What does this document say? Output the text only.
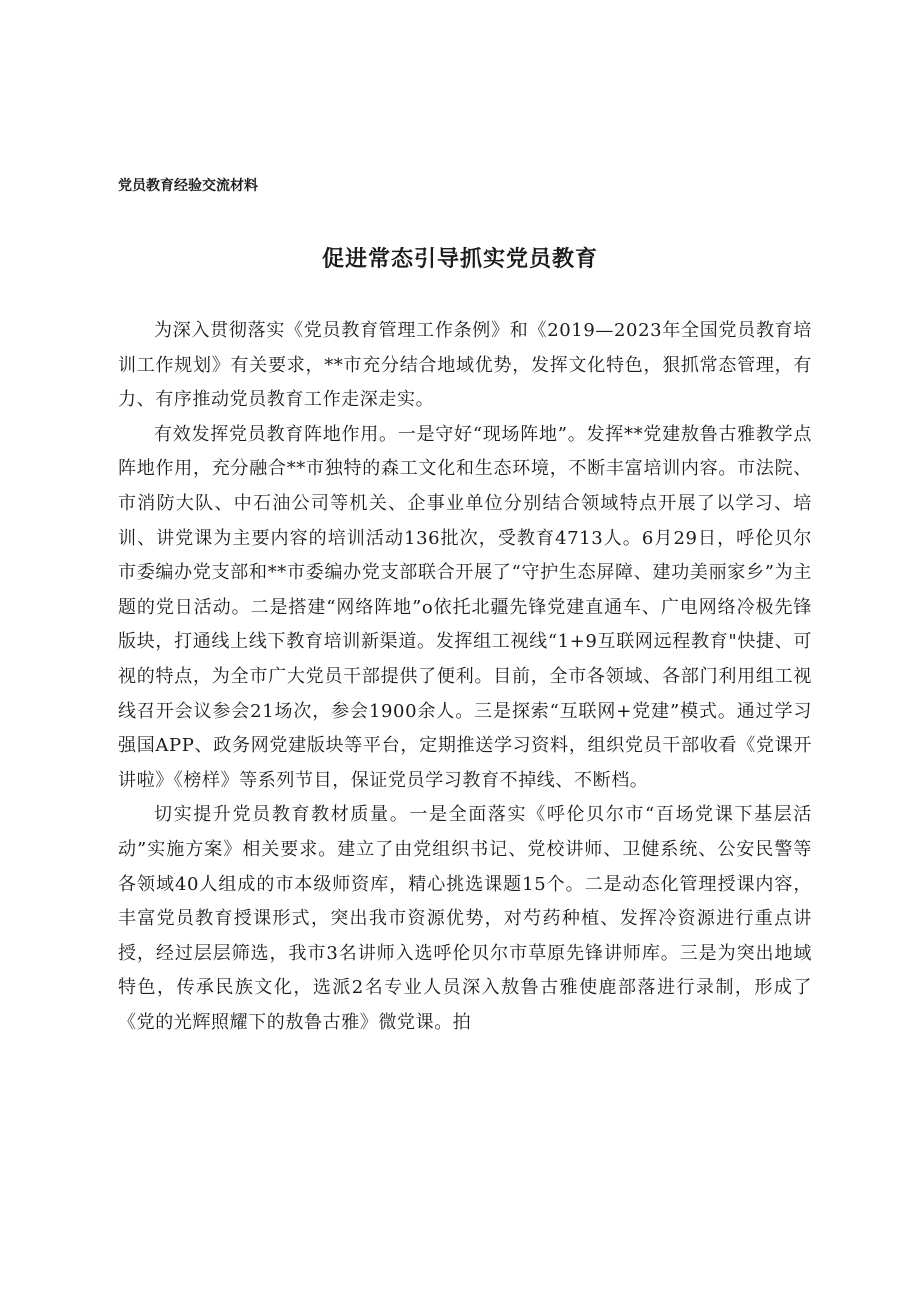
党员教育经验交流材料
促进常态引导抓实党员教育

为深入贯彻落实《党员教育管理工作条例》和《2019—2023年全国党员教育培训工作规划》有关要求，**市充分结合地域优势，发挥文化特色，狠抓常态管理，有力、有序推动党员教育工作走深走实。

有效发挥党员教育阵地作用。一是守好“现场阵地”。发挥**党建敖鲁古雅教学点阵地作用，充分融合**市独特的森工文化和生态环境，不断丰富培训内容。市法院、市消防大队、中石油公司等机关、企事业单位分别结合领域特点开展了以学习、培训、讲党课为主要内容的培训活动136批次，受教育4713人。6月29日，呼伦贝尔市委编办党支部和**市委编办党支部联合开展了“守护生态屏障、建功美丽家乡”为主题的党日活动。二是搭建“网络阵地”o依托北疆先锋党建直通车、广电网络冷极先锋版块，打通线上线下教育培训新渠道。发挥组工视线“1+9互联网远程教育"快捷、可视的特点，为全市广大党员干部提供了便利。目前，全市各领域、各部门利用组工视线召开会议参会21场次，参会1900余人。三是探索“互联网+党建”模式。通过学习强国APP、政务网党建版块等平台，定期推送学习资料，组织党员干部收看《党课开讲啦》《榜样》等系列节目，保证党员学习教育不掉线、不断档。

切实提升党员教育教材质量。一是全面落实《呼伦贝尔市“百场党课下基层活动”实施方案》相关要求。建立了由党组织书记、党校讲师、卫健系统、公安民警等各领域40人组成的市本级师资库，精心挑选课题15个。二是动态化管理授课内容，丰富党员教育授课形式，突出我市资源优势，对芍药种植、发挥冷资源进行重点讲授，经过层层筛选，我市3名讲师入选呼伦贝尔市草原先锋讲师库。三是为突出地域特色，传承民族文化，选派2名专业人员深入敖鲁古雅使鹿部落进行录制，形成了《党的光辉照耀下的敖鲁古雅》微党课。拍
